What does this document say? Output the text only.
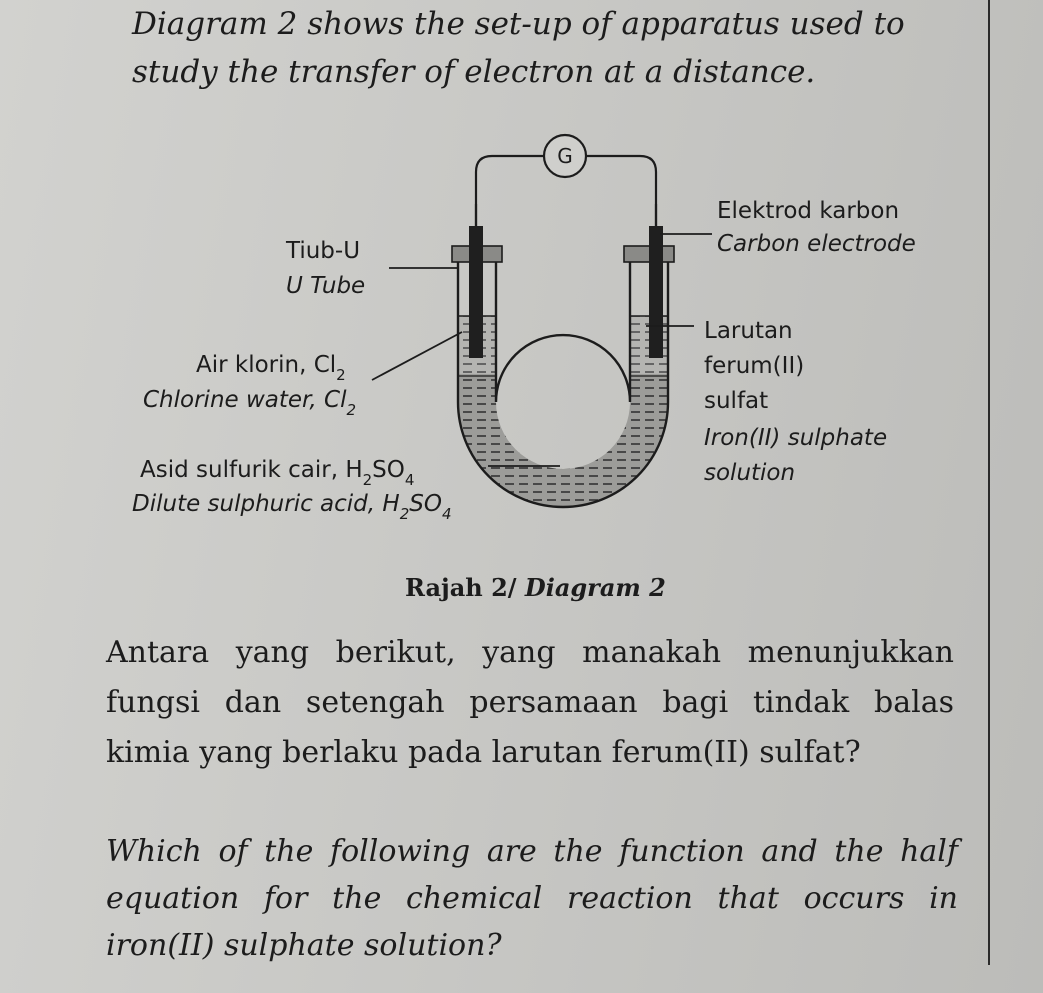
Diagram 2 shows the set-up of apparatus used to
study the transfer of electron at a distance.

G
Elektrod karbon
Carbon electrode
Tiub-U
U Tube
Larutan
ferum(II)
sulfat
Iron(II) sulphate
solution
Air klorin, $Cl_2$
Chlorine water, $Cl_2$
Asid sulfurik cair, $H_2SO_4$
Dilute sulphuric acid, $H_2SO_4$

Rajah 2/ Diagram 2

Antara yang berikut, yang manakah menunjukkan fungsi dan setengah persamaan bagi tindak balas kimia yang berlaku pada larutan ferum(II) sulfat?

Which of the following are the function and the half equation for the chemical reaction that occurs in iron(II) sulphate solution?
